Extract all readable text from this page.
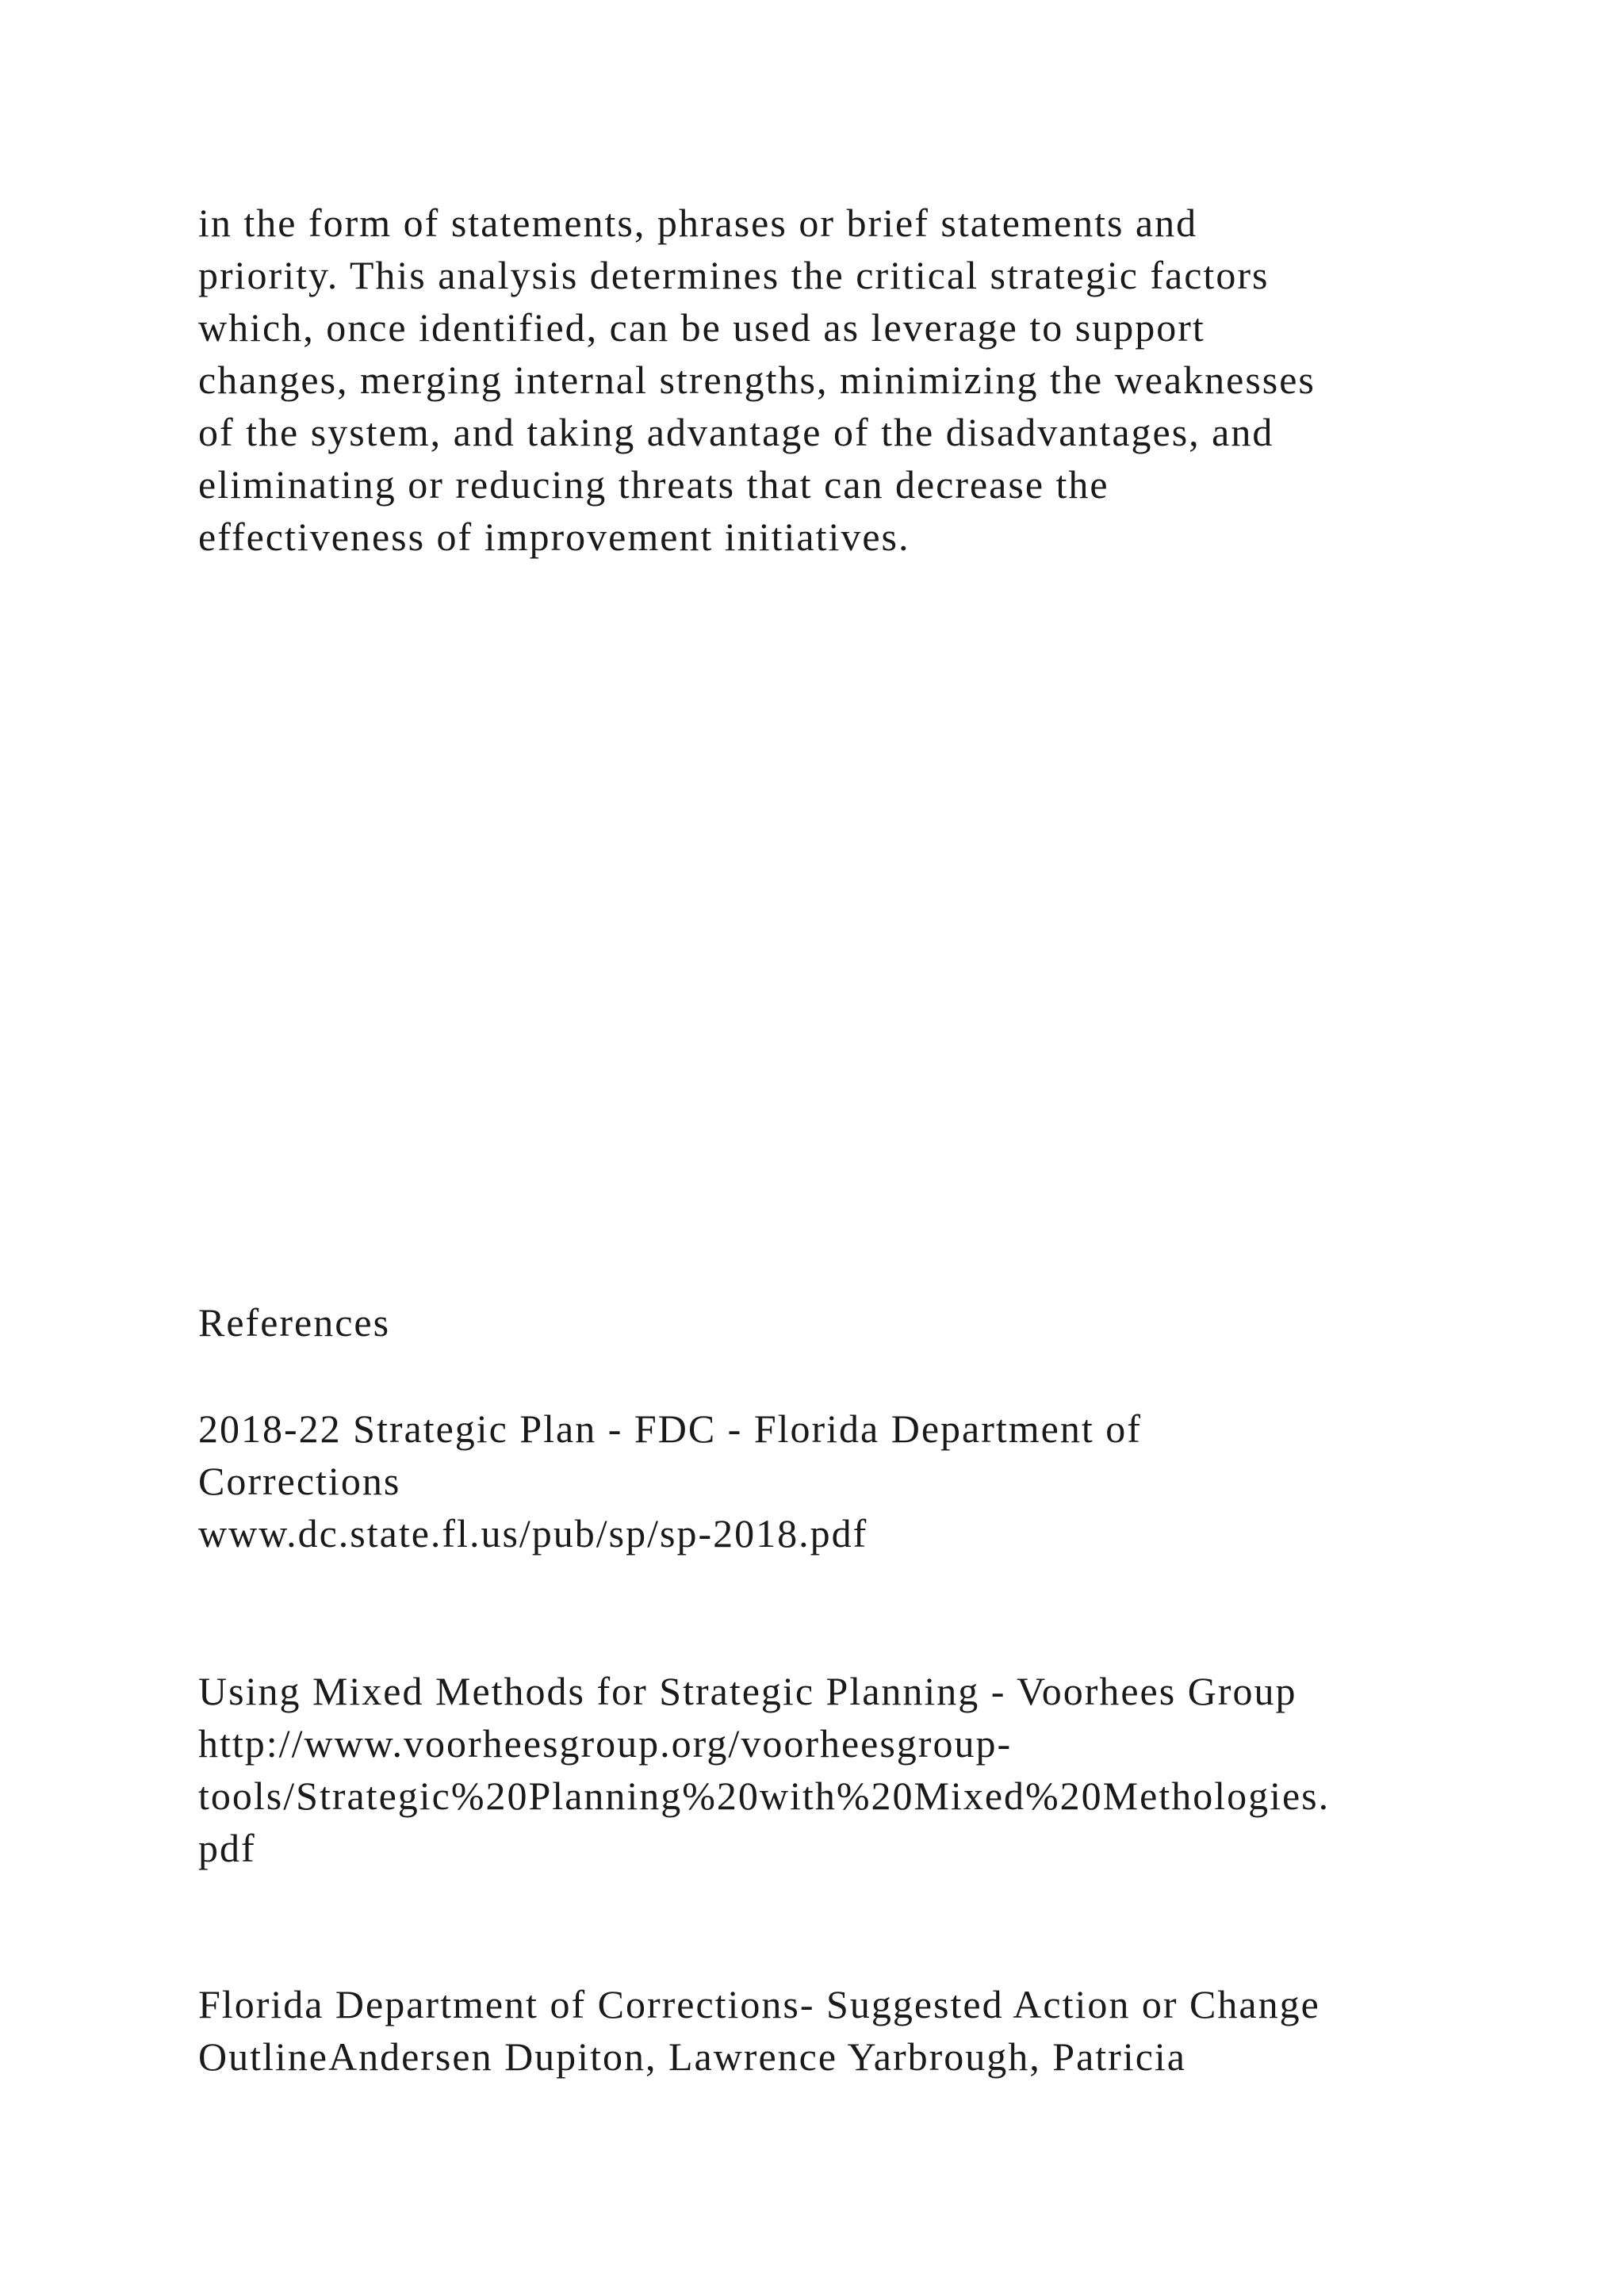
in the form of statements, phrases or brief statements and
priority. This analysis determines the critical strategic factors
which, once identified, can be used as leverage to support
changes, merging internal strengths, minimizing the weaknesses
of the system, and taking advantage of the disadvantages, and
eliminating or reducing threats that can decrease the
effectiveness of improvement initiatives.
References
2018-22 Strategic Plan - FDC - Florida Department of
Corrections
www.dc.state.fl.us/pub/sp/sp-2018.pdf
Using Mixed Methods for Strategic Planning - Voorhees Group
http://www.voorheesgroup.org/voorheesgroup-
tools/Strategic%20Planning%20with%20Mixed%20Methologies.
pdf
Florida Department of Corrections- Suggested Action or Change
OutlineAndersen Dupiton, Lawrence Yarbrough, Patricia
